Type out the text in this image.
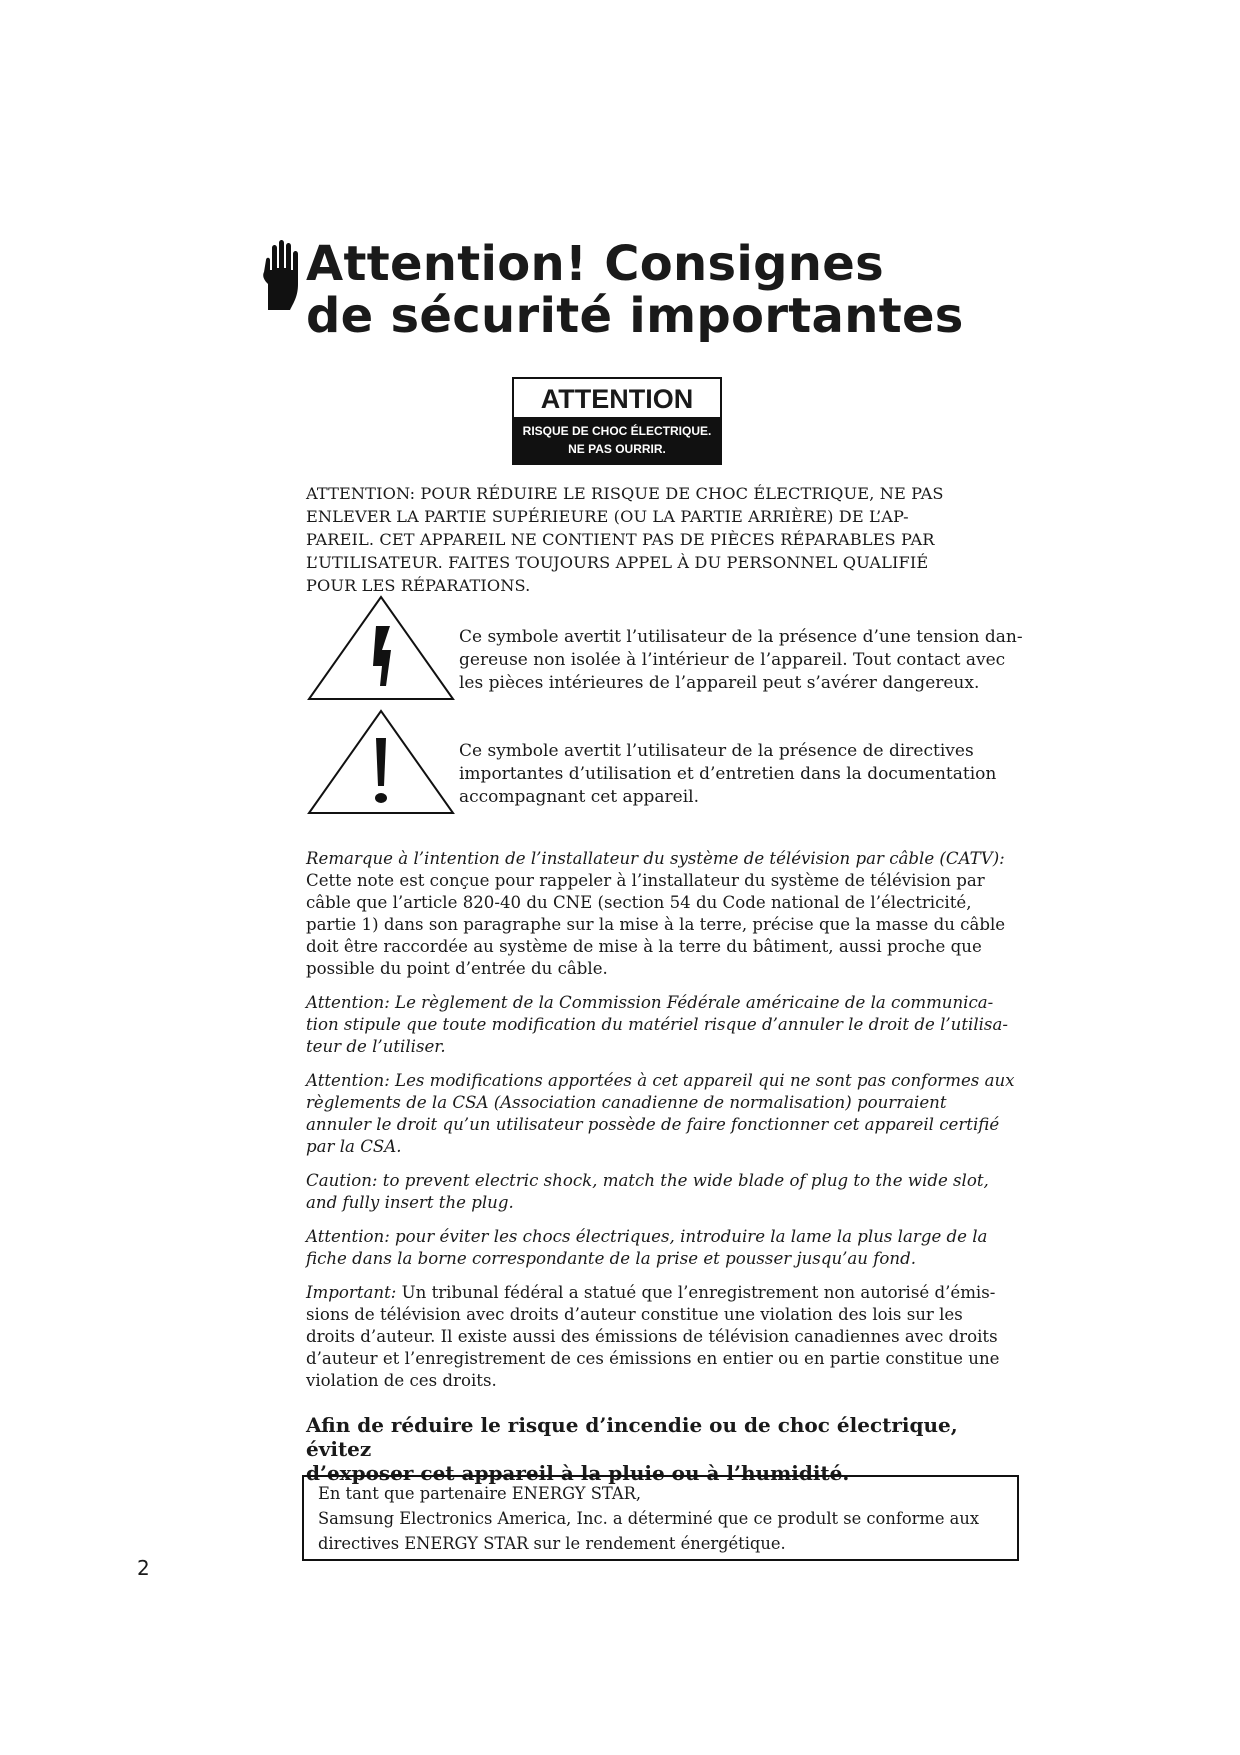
Attention! Consignes
de sécurité importantes
ATTENTION
RISQUE DE CHOC ÉLECTRIQUE.
NE PAS OURRIR.

ATTENTION: POUR RÉDUIRE LE RISQUE DE CHOC ÉLECTRIQUE, NE PAS
ENLEVER LA PARTIE SUPÉRIEURE (OU LA PARTIE ARRIÈRE) DE L’AP-
PAREIL. CET APPAREIL NE CONTIENT PAS DE PIÈCES RÉPARABLES PAR
L’UTILISATEUR. FAITES TOUJOURS APPEL À DU PERSONNEL QUALIFIÉ
POUR LES RÉPARATIONS.

Ce symbole avertit l’utilisateur de la présence d’une tension dan-
gereuse non isolée à l’intérieur de l’appareil. Tout contact avec
les pièces intérieures de l’appareil peut s’avérer dangereux.

Ce symbole avertit l’utilisateur de la présence de directives
importantes d’utilisation et d’entretien dans la documentation
accompagnant cet appareil.

Remarque à l’intention de l’installateur du système de télévision par câble (CATV):
Cette note est conçue pour rappeler à l’installateur du système de télévision par
câble que l’article 820-40 du CNE (section 54 du Code national de l’électricité,
partie 1) dans son paragraphe sur la mise à la terre, précise que la masse du câble
doit être raccordée au système de mise à la terre du bâtiment, aussi proche que
possible du point d’entrée du câble.

Attention: Le règlement de la Commission Fédérale américaine de la communica-
tion stipule que toute modification du matériel risque d’annuler le droit de l’utilisa-
teur de l’utiliser.

Attention: Les modifications apportées à cet appareil qui ne sont pas conformes aux
règlements de la CSA (Association canadienne de normalisation) pourraient
annuler le droit qu’un utilisateur possède de faire fonctionner cet appareil certifié
par la CSA.

Caution: to prevent electric shock, match the wide blade of plug to the wide slot,
and fully insert the plug.

Attention: pour éviter les chocs électriques, introduire la lame la plus large de la
fiche dans la borne correspondante de la prise et pousser jusqu’au fond.

Important: Un tribunal fédéral a statué que l’enregistrement non autorisé d’émis-
sions de télévision avec droits d’auteur constitue une violation des lois sur les
droits d’auteur. Il existe aussi des émissions de télévision canadiennes avec droits
d’auteur et l’enregistrement de ces émissions en entier ou en partie constitue une
violation de ces droits.

Afin de réduire le risque d’incendie ou de choc électrique, évitez
d’exposer cet appareil à la pluie ou à l’humidité.

En tant que partenaire ENERGY STAR,
Samsung Electronics America, Inc. a déterminé que ce prodult se conforme aux
directives ENERGY STAR sur le rendement énergétique.

2
